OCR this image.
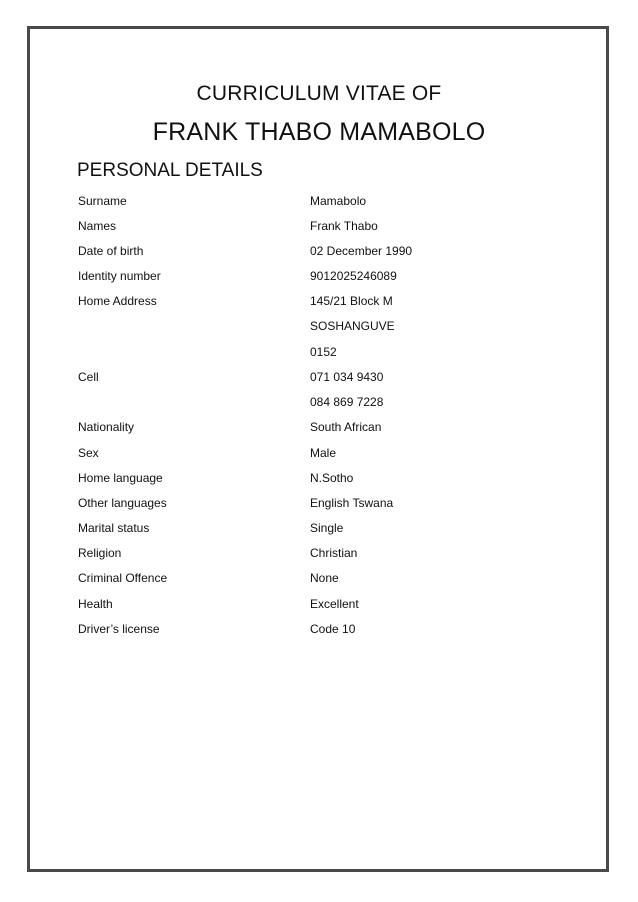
CURRICULUM VITAE OF
FRANK THABO MAMABOLO
PERSONAL DETAILS
Surname	Mamabolo
Names	Frank Thabo
Date of birth	02 December 1990
Identity number	9012025246089
Home Address	145/21 Block M
SOSHANGUVE
0152
Cell	071 034 9430
084 869 7228
Nationality	South African
Sex	Male
Home language	N.Sotho
Other languages	English Tswana
Marital status	Single
Religion	Christian
Criminal Offence	None
Health	Excellent
Driver’s license	Code 10
